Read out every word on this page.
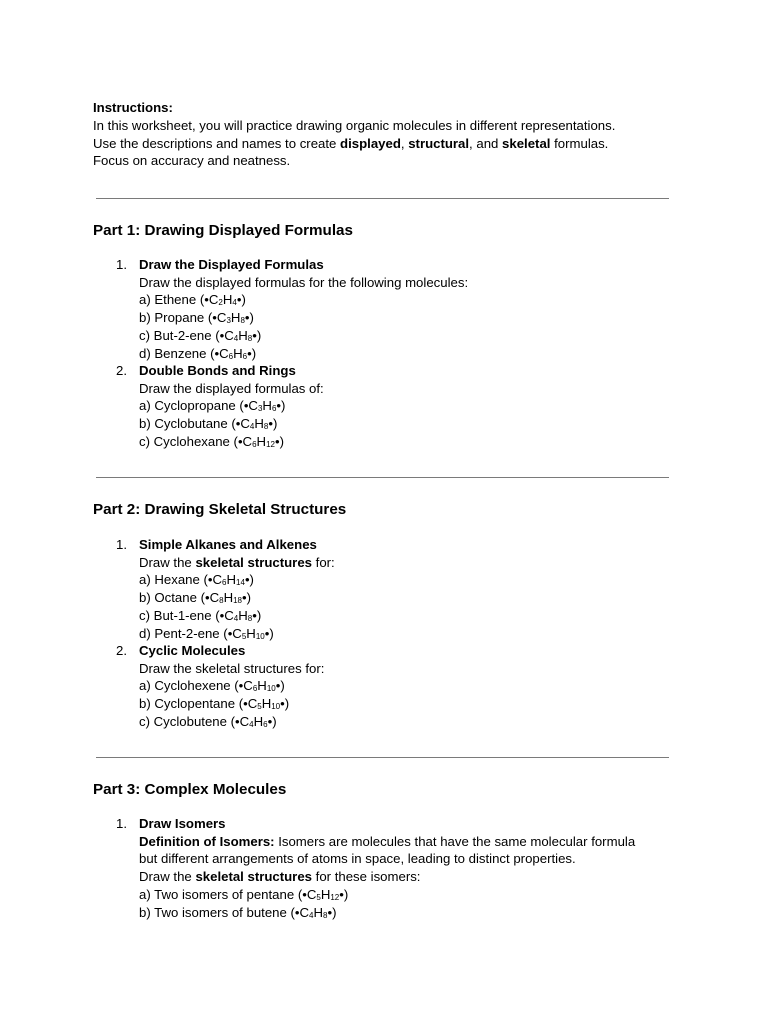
Instructions:
In this worksheet, you will practice drawing organic molecules in different representations.
Use the descriptions and names to create displayed, structural, and skeletal formulas.
Focus on accuracy and neatness.
Part 1: Drawing Displayed Formulas
1. Draw the Displayed Formulas
Draw the displayed formulas for the following molecules:
a) Ethene $(•C_2H_4•)$
b) Propane $(•C_3H_8•)$
c) But-2-ene $(•C_4H_8•)$
d) Benzene $(•C_6H_6•)$
2. Double Bonds and Rings
Draw the displayed formulas of:
a) Cyclopropane $(•C_3H_6•)$
b) Cyclobutane $(•C_4H_8•)$
c) Cyclohexane $(•C_6H_{12}•)$
Part 2: Drawing Skeletal Structures
1. Simple Alkanes and Alkenes
Draw the skeletal structures for:
a) Hexane $(•C_6H_{14}•)$
b) Octane $(•C_8H_{18}•)$
c) But-1-ene $(•C_4H_8•)$
d) Pent-2-ene $(•C_5H_{10}•)$
2. Cyclic Molecules
Draw the skeletal structures for:
a) Cyclohexene $(•C_6H_{10}•)$
b) Cyclopentane $(•C_5H_{10}•)$
c) Cyclobutene $(•C_4H_6•)$
Part 3: Complex Molecules
1. Draw Isomers
Definition of Isomers: Isomers are molecules that have the same molecular formula
but different arrangements of atoms in space, leading to distinct properties.
Draw the skeletal structures for these isomers:
a) Two isomers of pentane $(•C_5H_{12}•)$
b) Two isomers of butene $(•C_4H_8•)$
